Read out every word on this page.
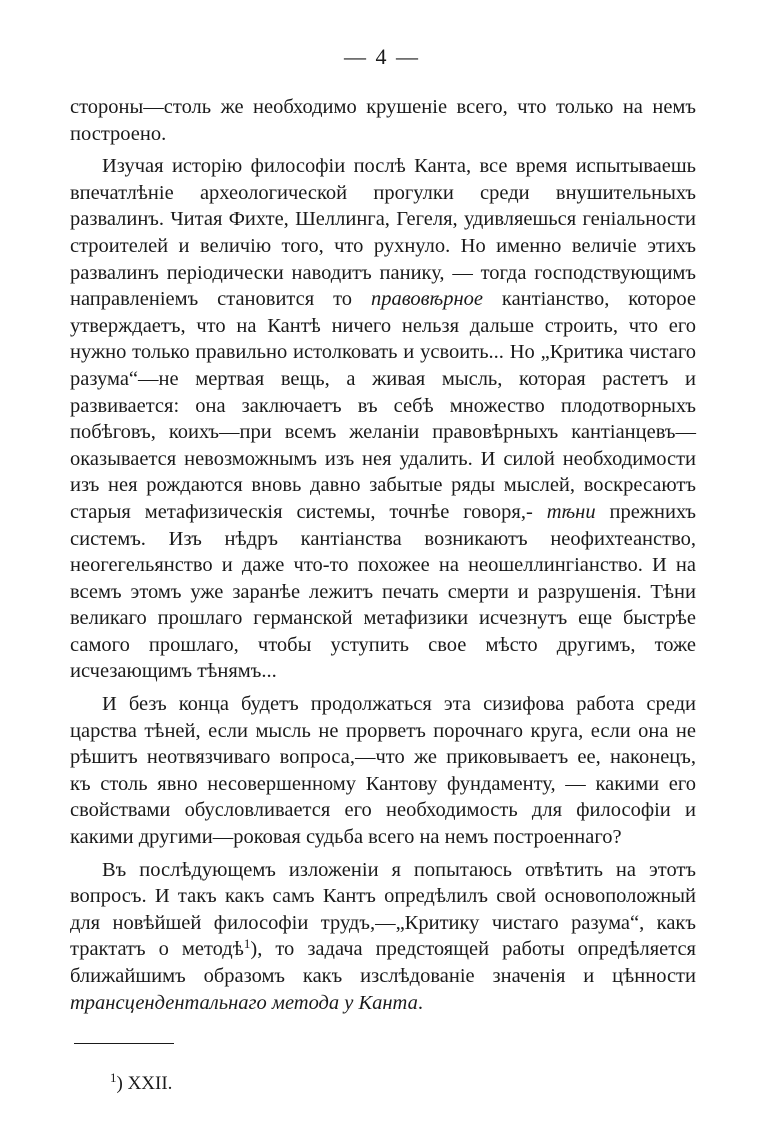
— 4 —

стороны—столь же необходимо крушенiе всего, что только на немъ построено.

Изучая исторiю философiи послѣ Канта, все время испытываешь впечатлѣнiе археологической прогулки среди внушительныхъ развалинъ. Читая Фихте, Шеллинга, Гегеля, удивляешься генiальности строителей и величiю того, что рухнуло. Но именно величiе этихъ развалинъ перiодически наводитъ панику, — тогда господствующимъ направленiемъ становится то правовѣрное кантiанство, которое утверждаетъ, что на Кантѣ ничего нельзя дальше строить, что его нужно только правильно истолковать и усвоить... Но „Критика чистаго разума“—не мертвая вещь, а живая мысль, которая растетъ и развивается: она заключаетъ въ себѣ множество плодотворныхъ побѣговъ, коихъ—при всемъ желанiи правовѣрныхъ кантiанцевъ—оказывается невозможнымъ изъ нея удалить. И силой необходимости изъ нея рождаются вновь давно забытые ряды мыслей, воскресаютъ старыя метафизическiя системы, точнѣе говоря,- тѣни прежнихъ системъ. Изъ нѣдръ кантiанства возникаютъ неофихтеанство, неогегельянство и даже что-то похожее на неошеллингiанство. И на всемъ этомъ уже заранѣе лежитъ печать смерти и разрушенiя. Тѣни великаго прошлаго германской метафизики исчезнутъ еще быстрѣе самого прошлаго, чтобы уступить свое мѣсто другимъ, тоже исчезающимъ тѣнямъ...

И безъ конца будетъ продолжаться эта сизифова работа среди царства тѣней, если мысль не прорветъ порочнаго круга, если она не рѣшитъ неотвязчиваго вопроса,—что же приковываетъ ее, наконецъ, къ столь явно несовершенному Кантову фундаменту, — какими его свойствами обусловливается его необходимость для философiи и какими другими—роковая судьба всего на немъ построеннаго?

Въ послѣдующемъ изложенiи я попытаюсь отвѣтить на этотъ вопросъ. И такъ какъ самъ Кантъ опредѣлилъ свой основоположный для новѣйшей философiи трудъ,—„Критику чистаго разума“, какъ трактатъ о методѣ$^1$), то задача предстоящей работы опредѣляется ближайшимъ образомъ какъ изслѣдованiе значенiя и цѣнности трансцендентальнаго метода у Канта.

$^1$) XXII.
